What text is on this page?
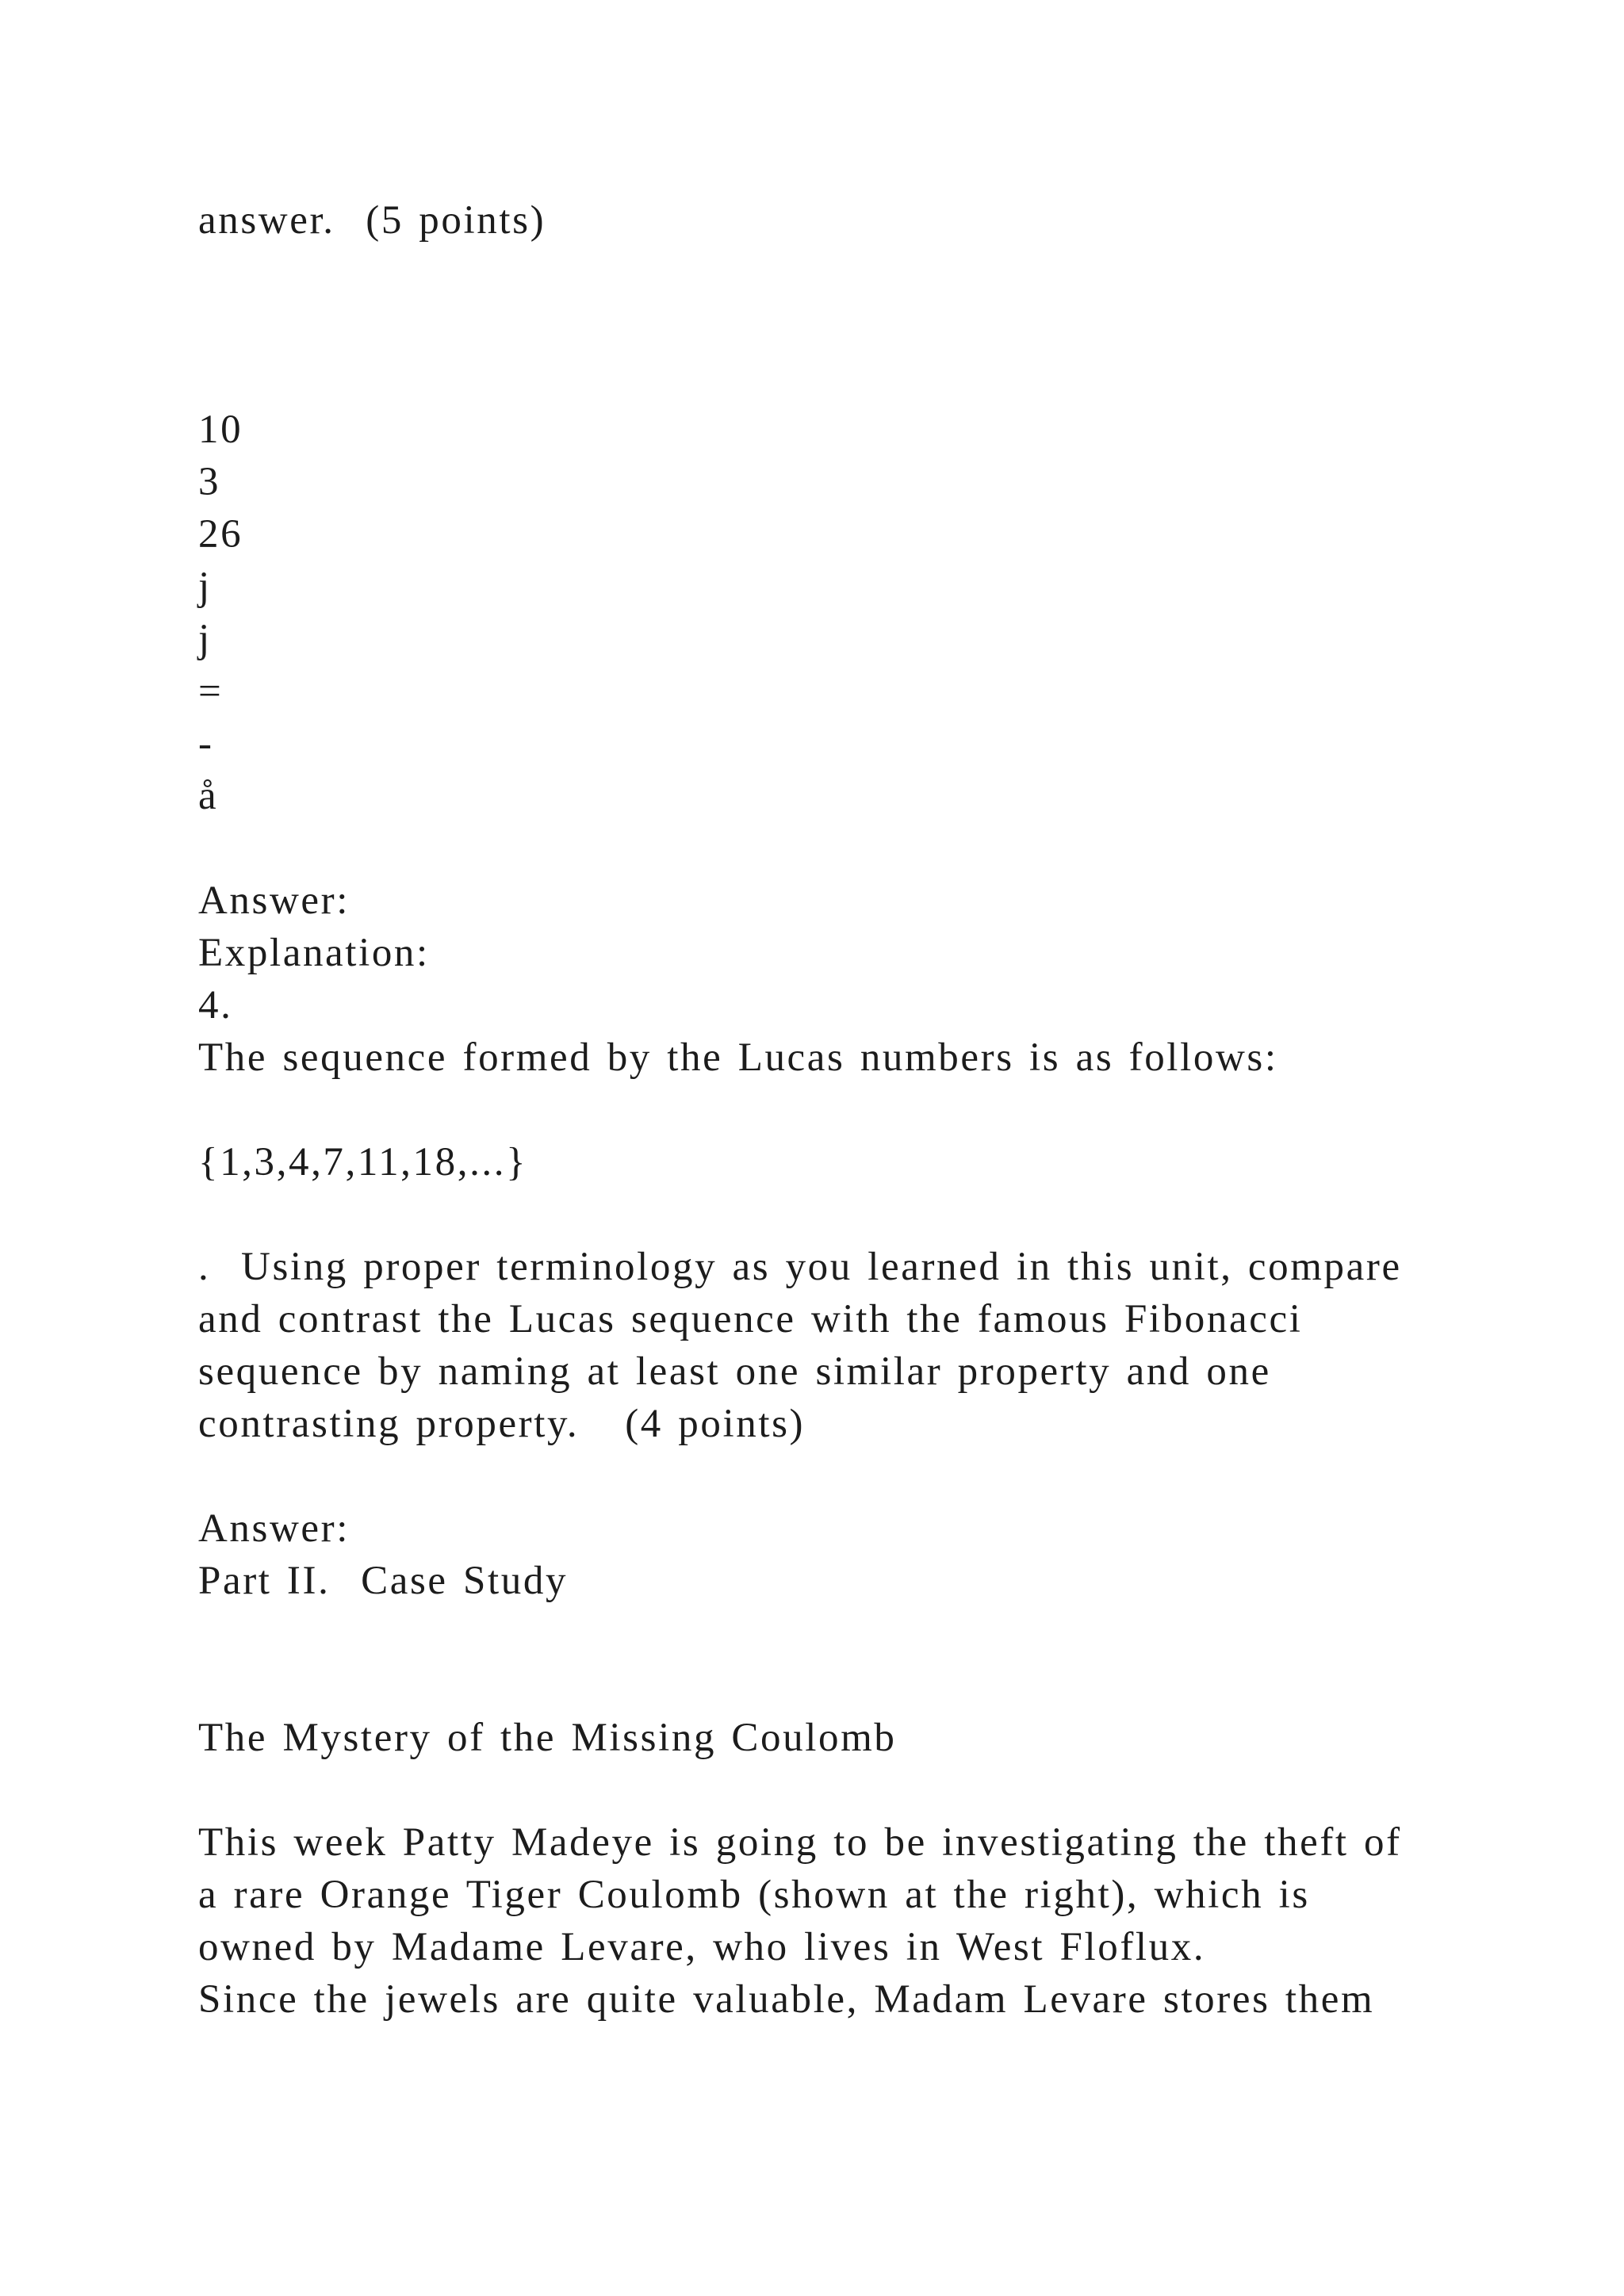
answer.  (5 points)
10
3
26
j
j
=
-
å
Answer:
Explanation:
4.
The sequence formed by the Lucas numbers is as follows:
{1,3,4,7,11,18,...}
.  Using proper terminology as you learned in this unit, compare
and contrast the Lucas sequence with the famous Fibonacci
sequence by naming at least one similar property and one
contrasting property.   (4 points)
Answer:
Part II.  Case Study
The Mystery of the Missing Coulomb
This week Patty Madeye is going to be investigating the theft of
a rare Orange Tiger Coulomb (shown at the right), which is
owned by Madame Levare, who lives in West Floflux.
Since the jewels are quite valuable, Madam Levare stores them
